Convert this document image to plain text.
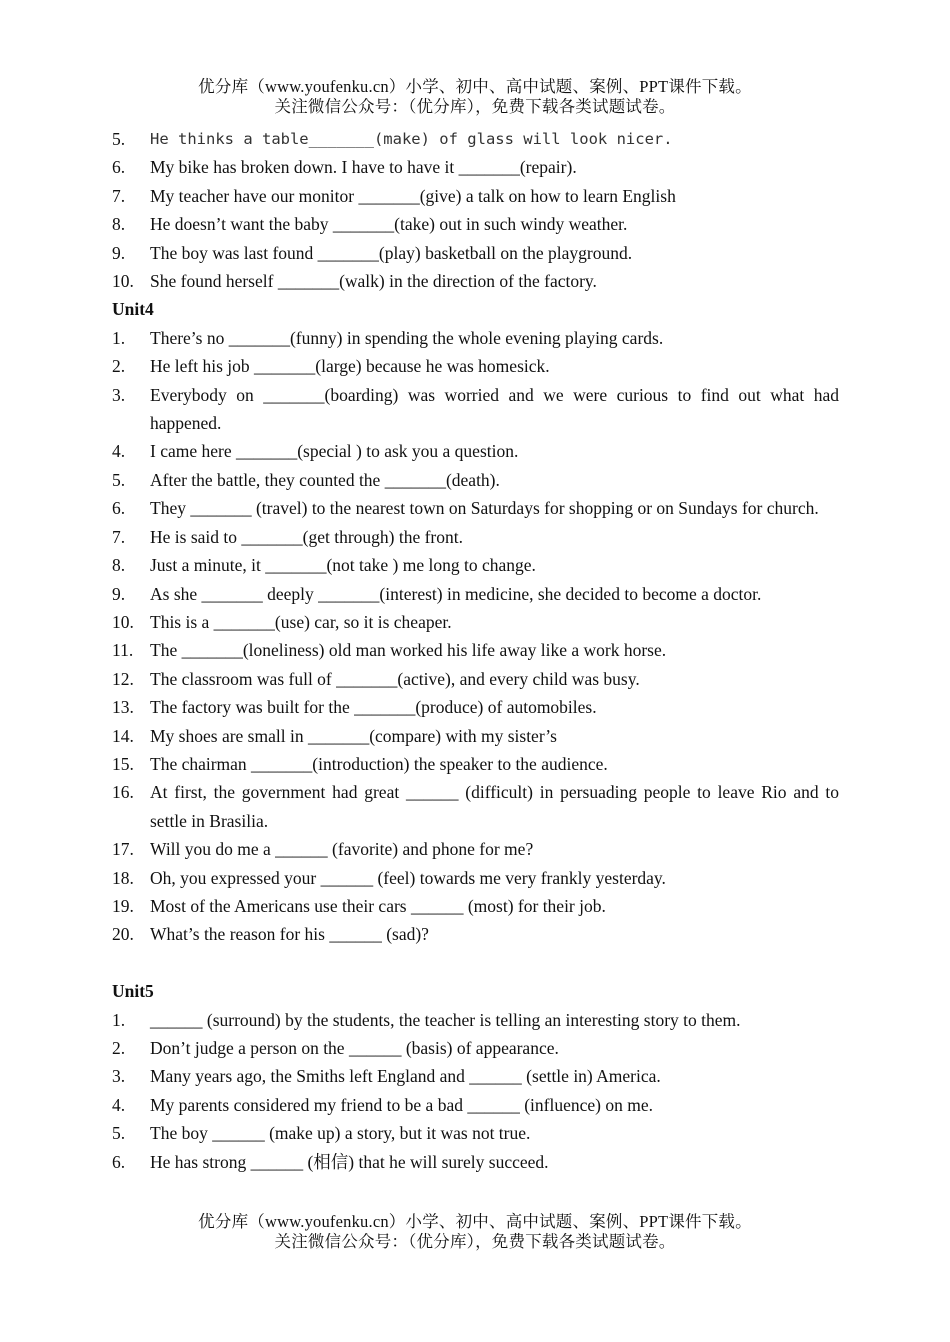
优分库（www.youfenku.cn）小学、初中、高中试题、案例、PPT课件下载。
关注微信公众号：（优分库），免费下载各类试题试卷。
5. He thinks a table_______(make) of glass will look nicer.
6. My bike has broken down. I have to have it _______(repair).
7. My teacher have our monitor _______(give) a talk on how to learn English
8. He doesn’t want the baby _______(take) out in such windy weather.
9. The boy was last found _______(play) basketball on the playground.
10. She found herself _______(walk) in the direction of the factory.
Unit4
1. There’s no _______(funny) in spending the whole evening playing cards.
2. He left his job _______(large) because he was homesick.
3. Everybody on _______(boarding) was worried and we were curious to find out what had happened.
4. I came here _______(special ) to ask you a question.
5. After the battle, they counted the _______(death).
6. They _______ (travel) to the nearest town on Saturdays for shopping or on Sundays for church.
7. He is said to _______(get through) the front.
8. Just a minute, it _______(not take ) me long to change.
9. As she _______ deeply _______(interest) in medicine, she decided to become a doctor.
10. This is a _______(use) car, so it is cheaper.
11. The _______(loneliness) old man worked his life away like a work horse.
12. The classroom was full of _______(active), and every child was busy.
13. The factory was built for the _______(produce) of automobiles.
14. My shoes are small in _______(compare) with my sister’s
15. The chairman _______(introduction) the speaker to the audience.
16. At first, the government had great ______ (difficult) in persuading people to leave Rio and to settle in Brasilia.
17. Will you do me a ______ (favorite) and phone for me?
18. Oh, you expressed your ______ (feel) towards me very frankly yesterday.
19. Most of the Americans use their cars ______ (most) for their job.
20. What’s the reason for his ______ (sad)?
Unit5
1. ______ (surround) by the students, the teacher is telling an interesting story to them.
2. Don’t judge a person on the ______ (basis) of appearance.
3. Many years ago, the Smiths left England and ______ (settle in) America.
4. My parents considered my friend to be a bad ______ (influence) on me.
5. The boy ______ (make up) a story, but it was not true.
6. He has strong ______ (相信) that he will surely succeed.
优分库（www.youfenku.cn）小学、初中、高中试题、案例、PPT课件下载。
关注微信公众号：（优分库），免费下载各类试题试卷。
